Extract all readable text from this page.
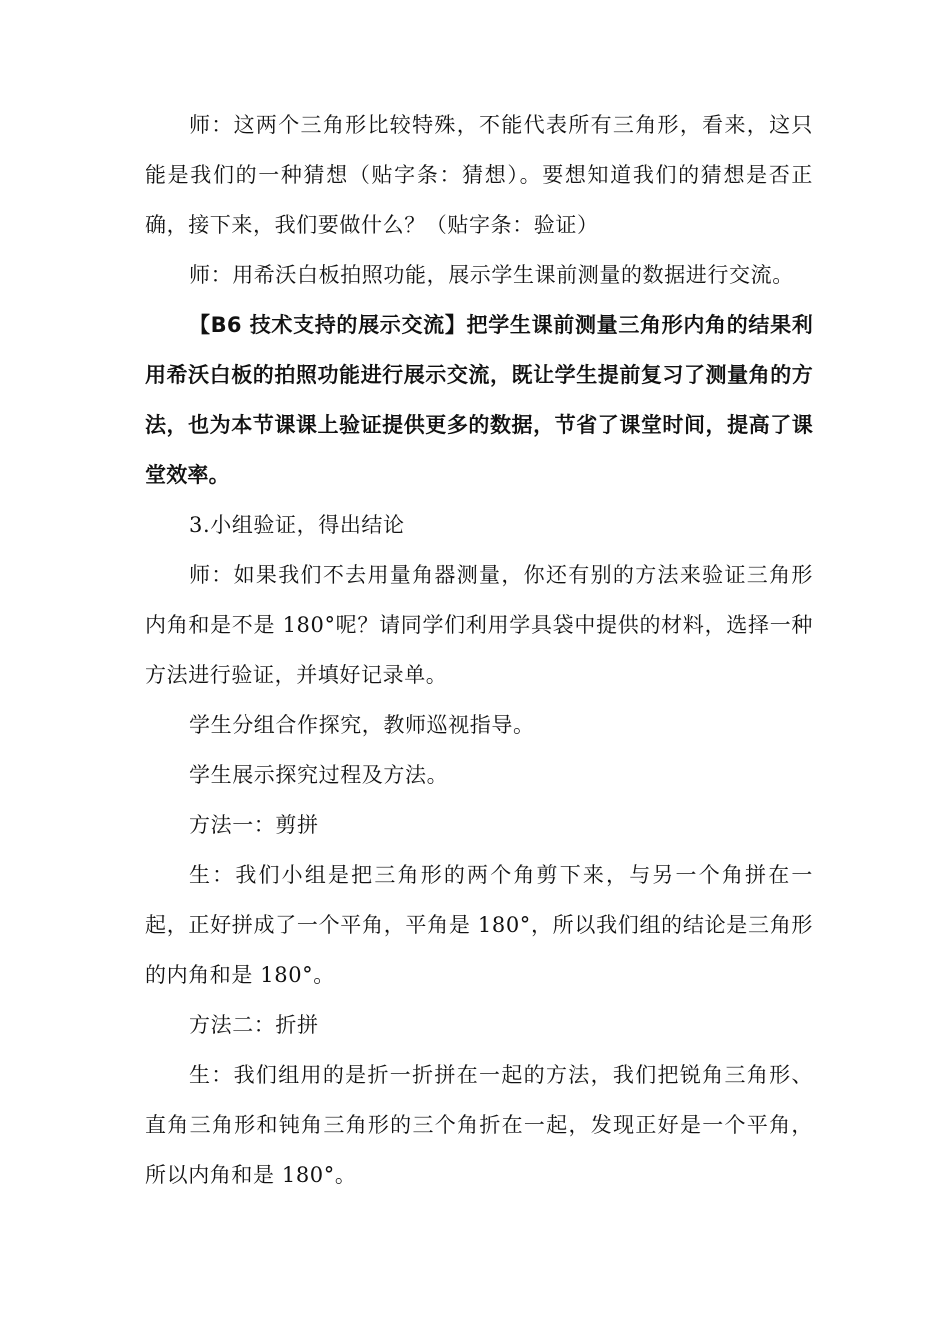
师：这两个三角形比较特殊，不能代表所有三角形，看来，这只能是我们的一种猜想（贴字条：猜想）。要想知道我们的猜想是否正确，接下来，我们要做什么？（贴字条：验证）

师：用希沃白板拍照功能，展示学生课前测量的数据进行交流。

【B6 技术支持的展示交流】把学生课前测量三角形内角的结果利用希沃白板的拍照功能进行展示交流，既让学生提前复习了测量角的方法，也为本节课课上验证提供更多的数据，节省了课堂时间，提高了课堂效率。

3.小组验证，得出结论

师：如果我们不去用量角器测量，你还有别的方法来验证三角形内角和是不是 180°呢？请同学们利用学具袋中提供的材料，选择一种方法进行验证，并填好记录单。

学生分组合作探究，教师巡视指导。

学生展示探究过程及方法。

方法一：剪拼

生：我们小组是把三角形的两个角剪下来，与另一个角拼在一起，正好拼成了一个平角，平角是 180°，所以我们组的结论是三角形的内角和是 180°。

方法二：折拼

生：我们组用的是折一折拼在一起的方法，我们把锐角三角形、直角三角形和钝角三角形的三个角折在一起，发现正好是一个平角，所以内角和是 180°。
